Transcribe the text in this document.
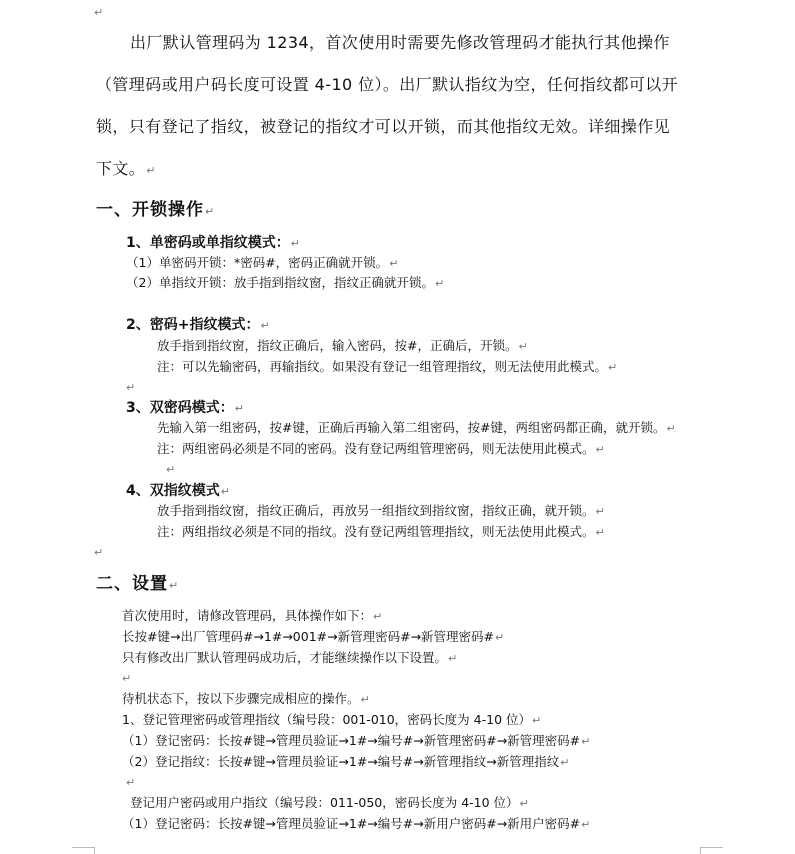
↵
出厂默认管理码为 1234，首次使用时需要先修改管理码才能执行其他操作
（管理码或用户码长度可设置 4-10 位）。出厂默认指纹为空，任何指纹都可以开
锁，只有登记了指纹，被登记的指纹才可以开锁，而其他指纹无效。详细操作见
下文。↵
一、开锁操作↵
1、单密码或单指纹模式：↵
（1）单密码开锁：*密码#，密码正确就开锁。↵
（2）单指纹开锁：放手指到指纹窗，指纹正确就开锁。↵
2、密码+指纹模式：↵
放手指到指纹窗，指纹正确后，输入密码，按#，正确后，开锁。↵
注：可以先输密码，再输指纹。如果没有登记一组管理指纹，则无法使用此模式。↵
↵
3、双密码模式：↵
先输入第一组密码，按#键，正确后再输入第二组密码，按#键，两组密码都正确，就开锁。↵
注：两组密码必须是不同的密码。没有登记两组管理密码，则无法使用此模式。↵
↵
4、双指纹模式↵
放手指到指纹窗，指纹正确后，再放另一组指纹到指纹窗，指纹正确，就开锁。↵
注：两组指纹必须是不同的指纹。没有登记两组管理指纹，则无法使用此模式。↵
↵
二、设置↵
首次使用时，请修改管理码，具体操作如下：↵
长按#键→出厂管理码#→1#→001#→新管理密码#→新管理密码#↵
只有修改出厂默认管理码成功后，才能继续操作以下设置。↵
↵
待机状态下，按以下步骤完成相应的操作。↵
1、登记管理密码或管理指纹（编号段：001-010，密码长度为 4-10 位）↵
（1）登记密码：长按#键→管理员验证→1#→编号#→新管理密码#→新管理密码#↵
（2）登记指纹：长按#键→管理员验证→1#→编号#→新管理指纹→新管理指纹↵
↵
登记用户密码或用户指纹（编号段：011-050，密码长度为 4-10 位）↵
（1）登记密码：长按#键→管理员验证→1#→编号#→新用户密码#→新用户密码#↵
